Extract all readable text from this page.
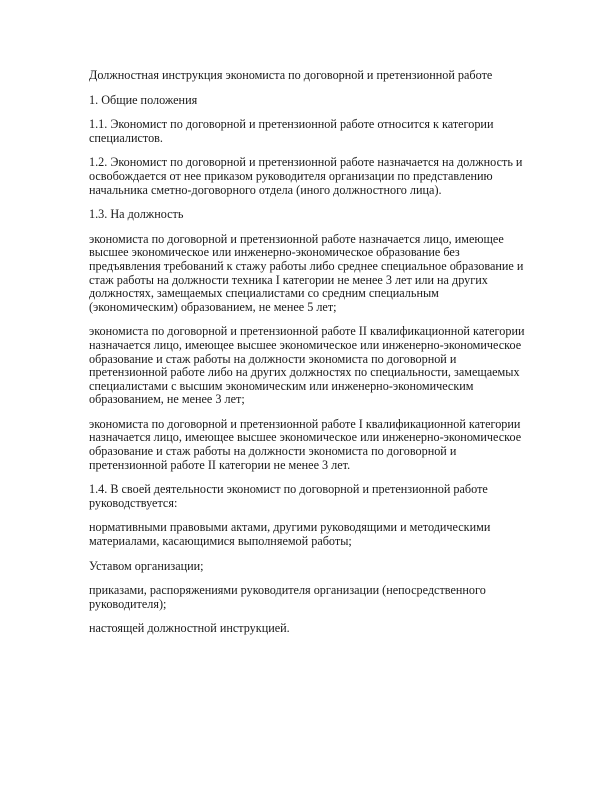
Должностная инструкция экономиста по договорной и претензионной работе

1. Общие положения

1.1. Экономист по договорной и претензионной работе относится к категории специалистов.

1.2. Экономист по договорной и претензионной работе назначается на должность и освобождается от нее приказом руководителя организации по представлению начальника сметно-договорного отдела (иного должностного лица).

1.3. На должность

экономиста по договорной и претензионной работе назначается лицо, имеющее высшее экономическое или инженерно-экономическое образование без предъявления требований к стажу работы либо среднее специальное образование и стаж работы на должности техника I категории не менее 3 лет или на других должностях, замещаемых специалистами со средним специальным (экономическим) образованием, не менее 5 лет;

экономиста по договорной и претензионной работе II квалификационной категории назначается лицо, имеющее высшее экономическое или инженерно-экономическое образование и стаж работы на должности экономиста по договорной и претензионной работе либо на других должностях по специальности, замещаемых специалистами с высшим экономическим или инженерно-экономическим образованием, не менее 3 лет;

экономиста по договорной и претензионной работе I квалификационной категории назначается лицо, имеющее высшее экономическое или инженерно-экономическое образование и стаж работы на должности экономиста по договорной и претензионной работе II категории не менее 3 лет.

1.4. В своей деятельности экономист по договорной и претензионной работе руководствуется:

нормативными правовыми актами, другими руководящими и методическими материалами, касающимися выполняемой работы;

Уставом организации;

приказами, распоряжениями руководителя организации (непосредственного руководителя);

настоящей должностной инструкцией.
